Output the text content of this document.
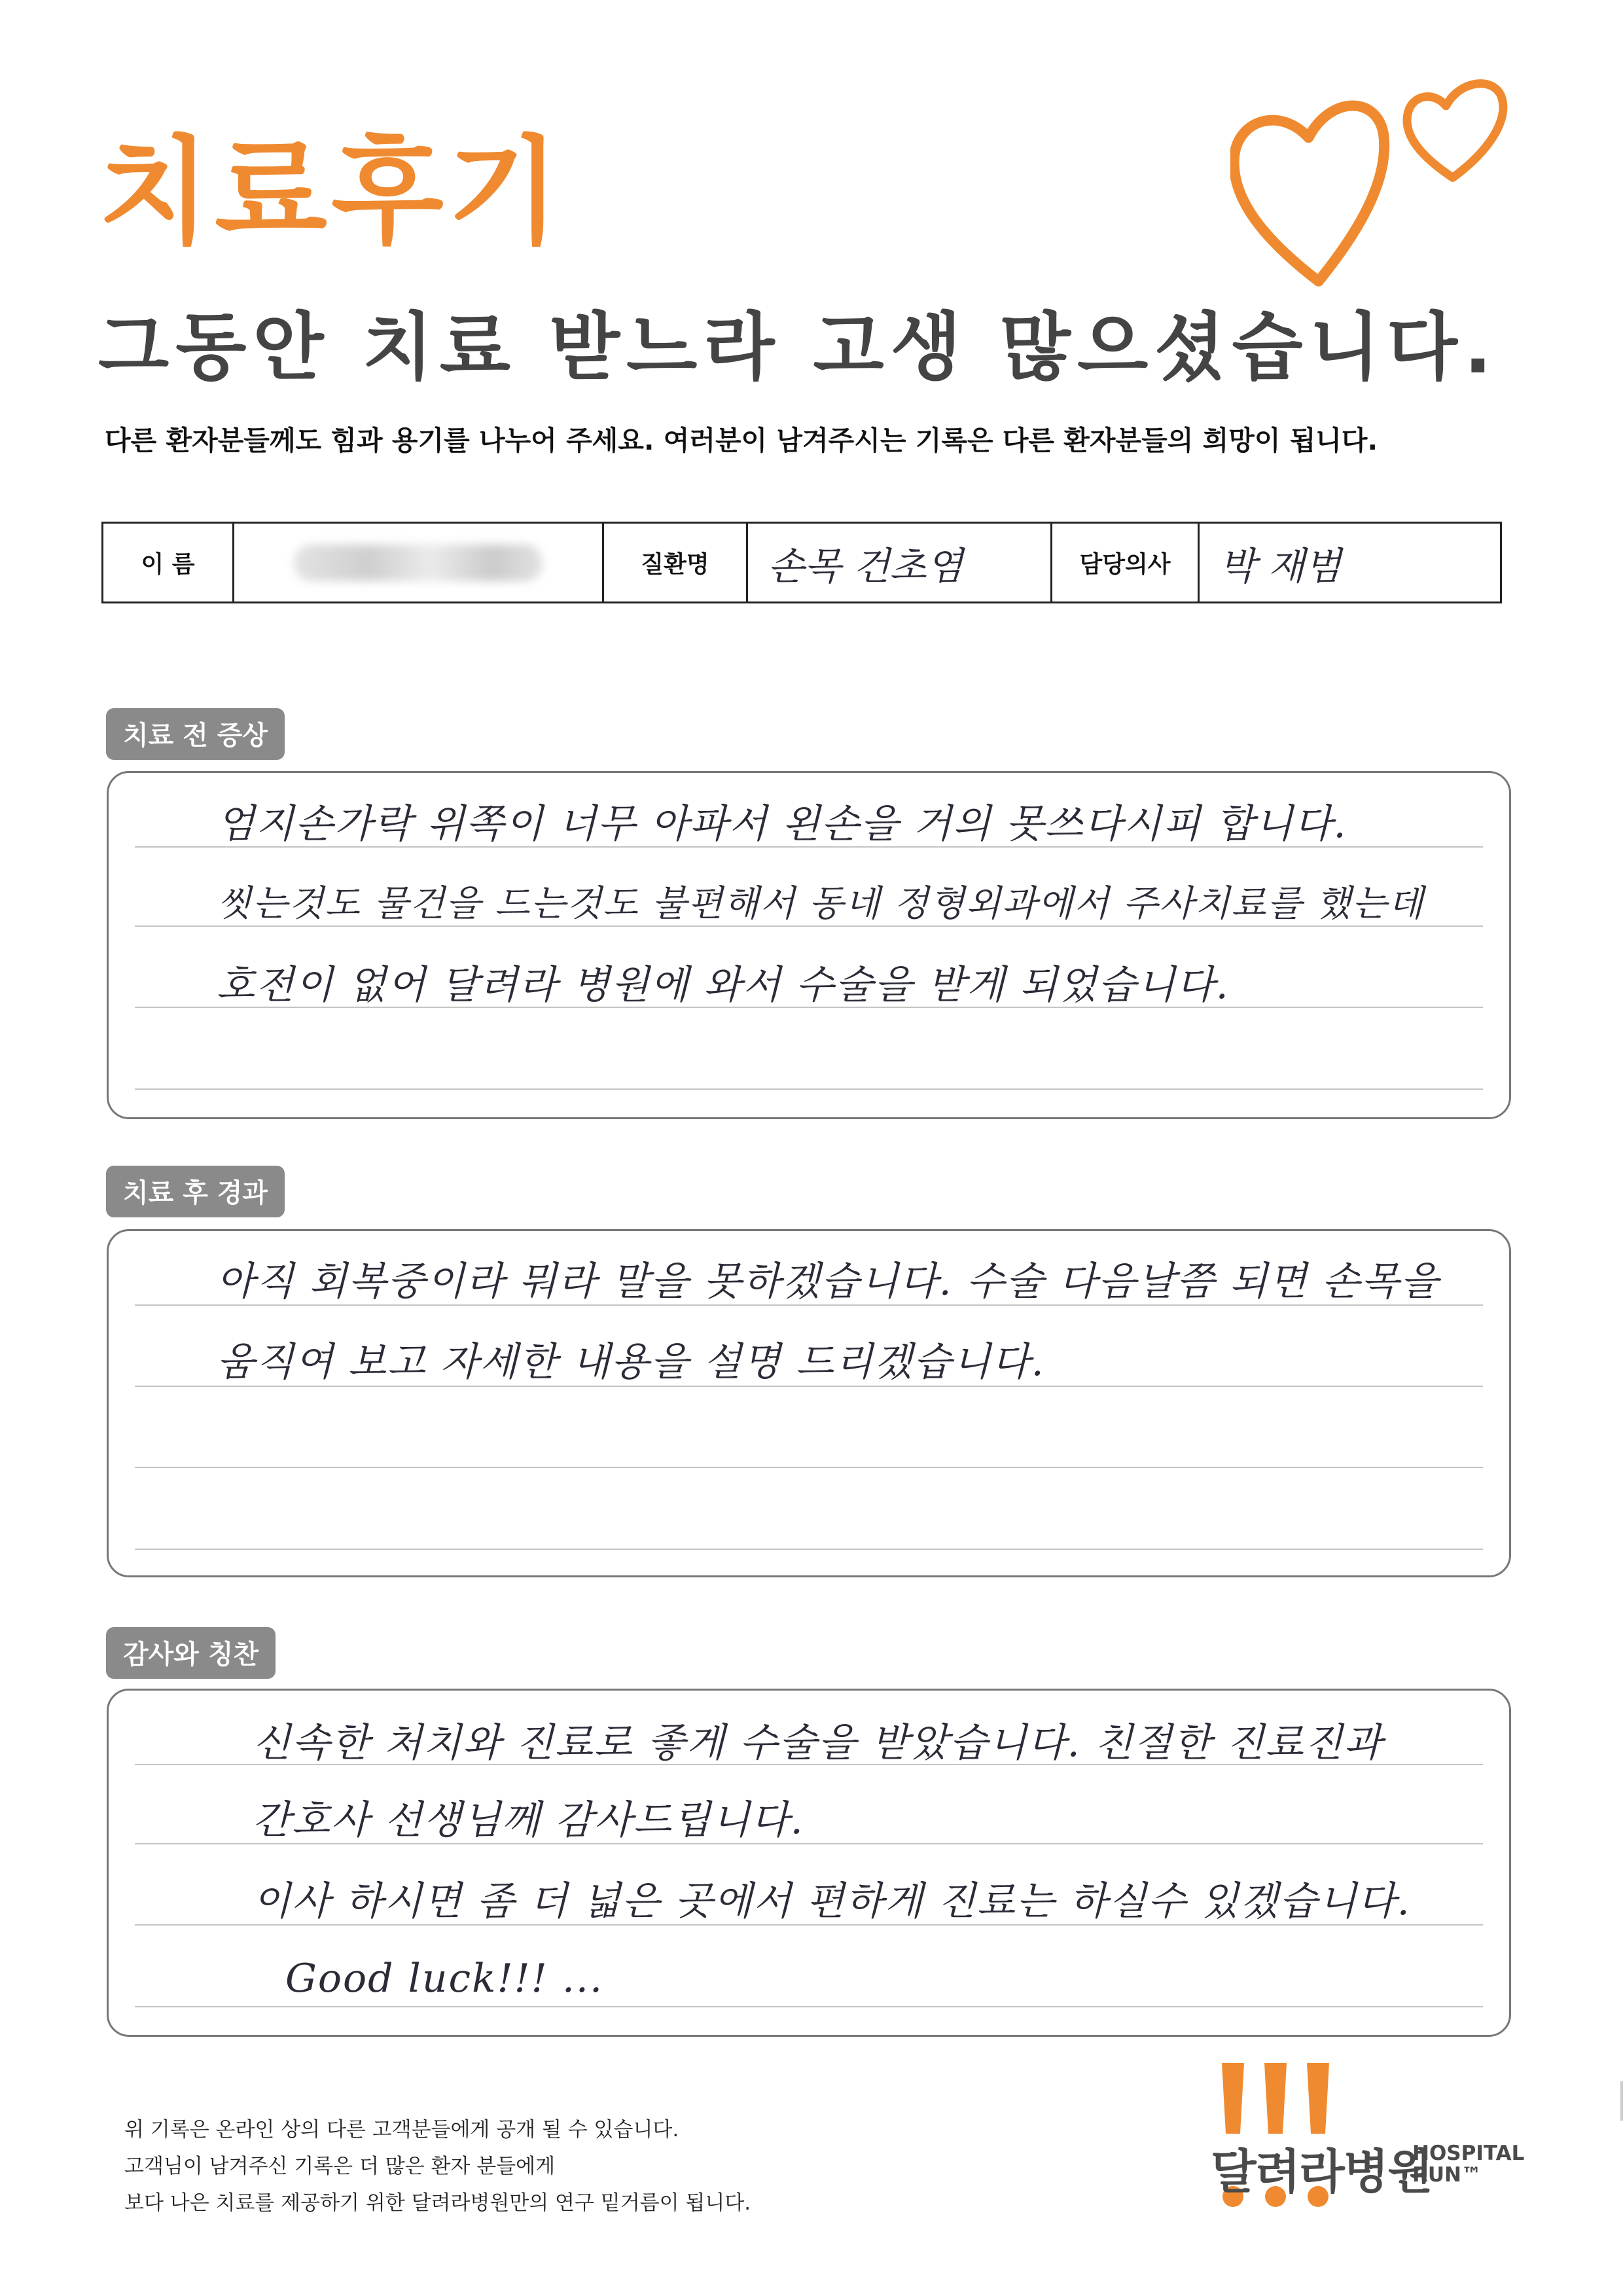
치료후기
그동안 치료 받느라 고생 많으셨습니다.
다른 환자분들께도 힘과 용기를 나누어 주세요. 여러분이 남겨주시는 기록은 다른 환자분들의 희망이 됩니다.
이 름	질환명 손목 건초염	담당의사 박 재범
치료 전 증상
엄지손가락 위쪽이 너무 아파서 왼손을 거의 못쓰다시피 합니다.
씻는것도 물건을 드는것도 불편해서 동네 정형외과에서 주사치료를 했는데
호전이 없어 달려라 병원에 와서 수술을 받게 되었습니다.
치료 후 경과
아직 회복중이라 뭐라 말을 못하겠습니다. 수술 다음날쯤 되면 손목을
움직여 보고 자세한 내용을 설명 드리겠습니다.
감사와 칭찬
신속한 처치와 진료로 좋게 수술을 받았습니다. 친절한 진료진과
간호사 선생님께 감사드립니다.
이사 하시면 좀 더 넓은 곳에서 편하게 진료는 하실수 있겠습니다.
Good luck!!! ...
위 기록은 온라인 상의 다른 고객분들에게 공개 될 수 있습니다.
고객님이 남겨주신 기록은 더 많은 환자 분들에게
보다 나은 치료를 제공하기 위한 달려라병원만의 연구 밑거름이 됩니다.
달려라병원
HOSPITAL
RUN™
